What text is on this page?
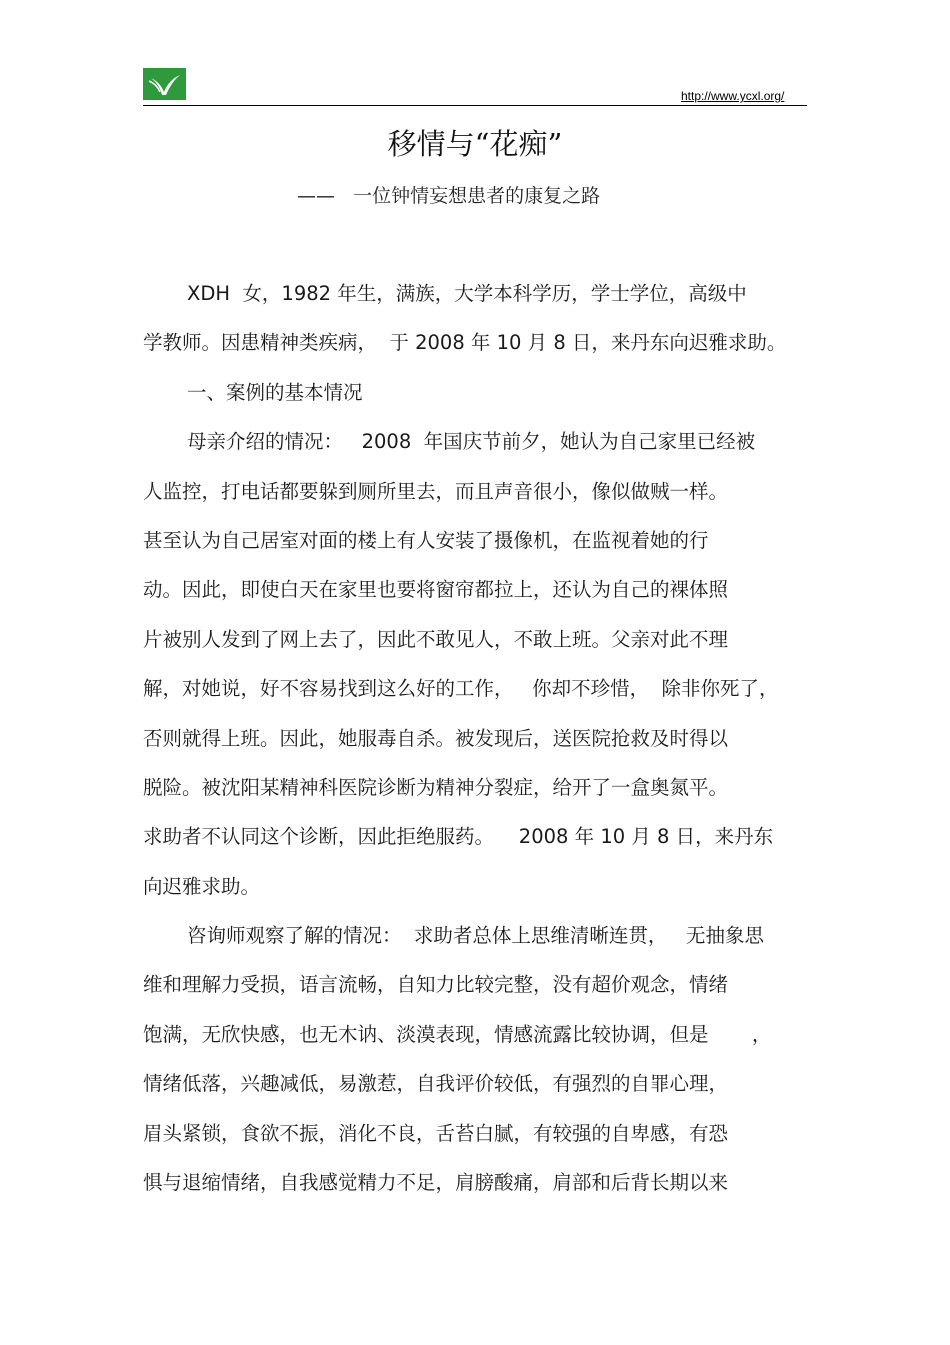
http://www.ycxl.org/
移情与“花痴”
——   一位钟情妄想患者的康复之路
XDH  女，1982 年生，满族，大学本科学历，学士学位，高级中
学教师。因患精神类疾病，  于 2008 年 10 月 8 日，来丹东向迟雅求助。
一、案例的基本情况
母亲介绍的情况：   2008  年国庆节前夕，她认为自己家里已经被
人监控，打电话都要躲到厕所里去，而且声音很小，像似做贼一样。
甚至认为自己居室对面的楼上有人安装了摄像机，在监视着她的行
动。因此，即使白天在家里也要将窗帘都拉上，还认为自己的裸体照
片被别人发到了网上去了，因此不敢见人，不敢上班。父亲对此不理
解，对她说，好不容易找到这么好的工作，   你却不珍惜，  除非你死了，
否则就得上班。因此，她服毒自杀。被发现后，送医院抢救及时得以
脱险。被沈阳某精神科医院诊断为精神分裂症，给开了一盒奥氮平。
求助者不认同这个诊断，因此拒绝服药。    2008 年 10 月 8 日，来丹东
向迟雅求助。
咨询师观察了解的情况：  求助者总体上思维清晰连贯，   无抽象思
维和理解力受损，语言流畅，自知力比较完整，没有超价观念，情绪
饱满，无欣快感，也无木讷、淡漠表现，情感流露比较协调，但是       ，
情绪低落，兴趣减低，易激惹，自我评价较低，有强烈的自罪心理，
眉头紧锁，食欲不振，消化不良，舌苔白腻，有较强的自卑感，有恐
惧与退缩情绪，自我感觉精力不足，肩膀酸痛，肩部和后背长期以来
